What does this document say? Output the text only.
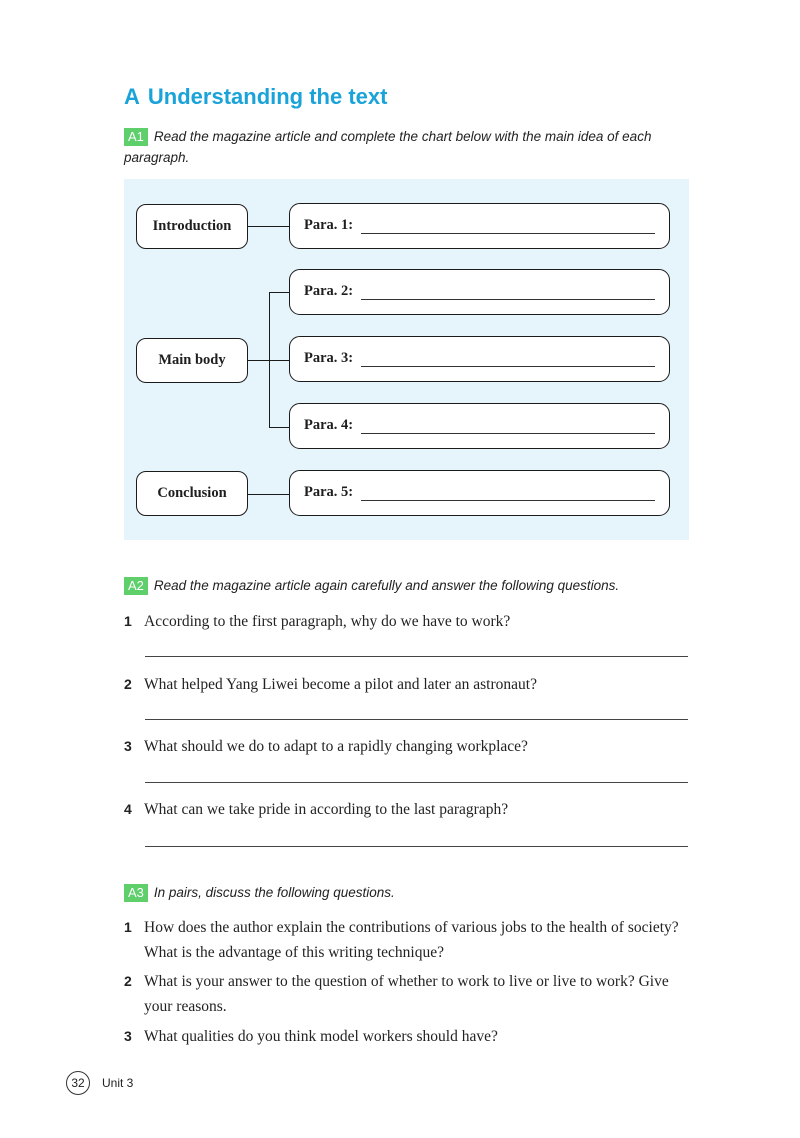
A Understanding the text

A1 Read the magazine article and complete the chart below with the main idea of each paragraph.

Introduction
Main body
Conclusion
Para. 1:
Para. 2:
Para. 3:
Para. 4:
Para. 5:

A2 Read the magazine article again carefully and answer the following questions.

1 According to the first paragraph, why do we have to work?
2 What helped Yang Liwei become a pilot and later an astronaut?
3 What should we do to adapt to a rapidly changing workplace?
4 What can we take pride in according to the last paragraph?

A3 In pairs, discuss the following questions.

1 How does the author explain the contributions of various jobs to the health of society? What is the advantage of this writing technique?
2 What is your answer to the question of whether to work to live or live to work? Give your reasons.
3 What qualities do you think model workers should have?
32	Unit 3
